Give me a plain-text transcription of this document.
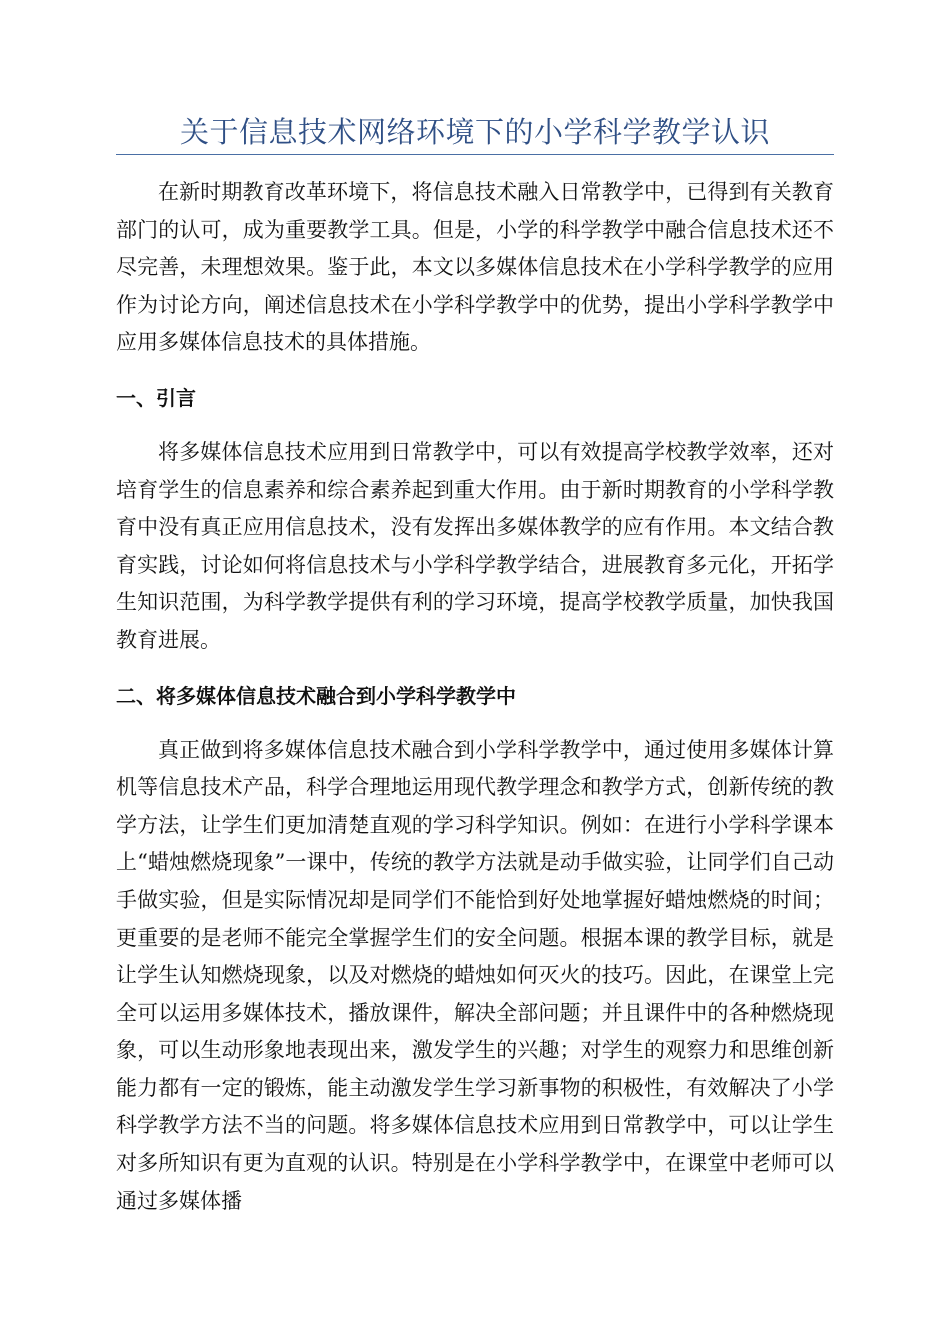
关于信息技术网络环境下的小学科学教学认识

在新时期教育改革环境下，将信息技术融入日常教学中，已得到有关教育部门的认可，成为重要教学工具。但是，小学的科学教学中融合信息技术还不尽完善，未理想效果。鉴于此，本文以多媒体信息技术在小学科学教学的应用作为讨论方向，阐述信息技术在小学科学教学中的优势，提出小学科学教学中应用多媒体信息技术的具体措施。

一、引言

将多媒体信息技术应用到日常教学中，可以有效提高学校教学效率，还对培育学生的信息素养和综合素养起到重大作用。由于新时期教育的小学科学教育中没有真正应用信息技术，没有发挥出多媒体教学的应有作用。本文结合教育实践，讨论如何将信息技术与小学科学教学结合，进展教育多元化，开拓学生知识范围，为科学教学提供有利的学习环境，提高学校教学质量，加快我国教育进展。

二、将多媒体信息技术融合到小学科学教学中

真正做到将多媒体信息技术融合到小学科学教学中，通过使用多媒体计算机等信息技术产品，科学合理地运用现代教学理念和教学方式，创新传统的教学方法，让学生们更加清楚直观的学习科学知识。例如：在进行小学科学课本上“蜡烛燃烧现象”一课中，传统的教学方法就是动手做实验，让同学们自己动手做实验，但是实际情况却是同学们不能恰到好处地掌握好蜡烛燃烧的时间；更重要的是老师不能完全掌握学生们的安全问题。根据本课的教学目标，就是让学生认知燃烧现象，以及对燃烧的蜡烛如何灭火的技巧。因此，在课堂上完全可以运用多媒体技术，播放课件，解决全部问题；并且课件中的各种燃烧现象，可以生动形象地表现出来，激发学生的兴趣；对学生的观察力和思维创新能力都有一定的锻炼，能主动激发学生学习新事物的积极性，有效解决了小学科学教学方法不当的问题。将多媒体信息技术应用到日常教学中，可以让学生对多所知识有更为直观的认识。特别是在小学科学教学中，在课堂中老师可以通过多媒体播
